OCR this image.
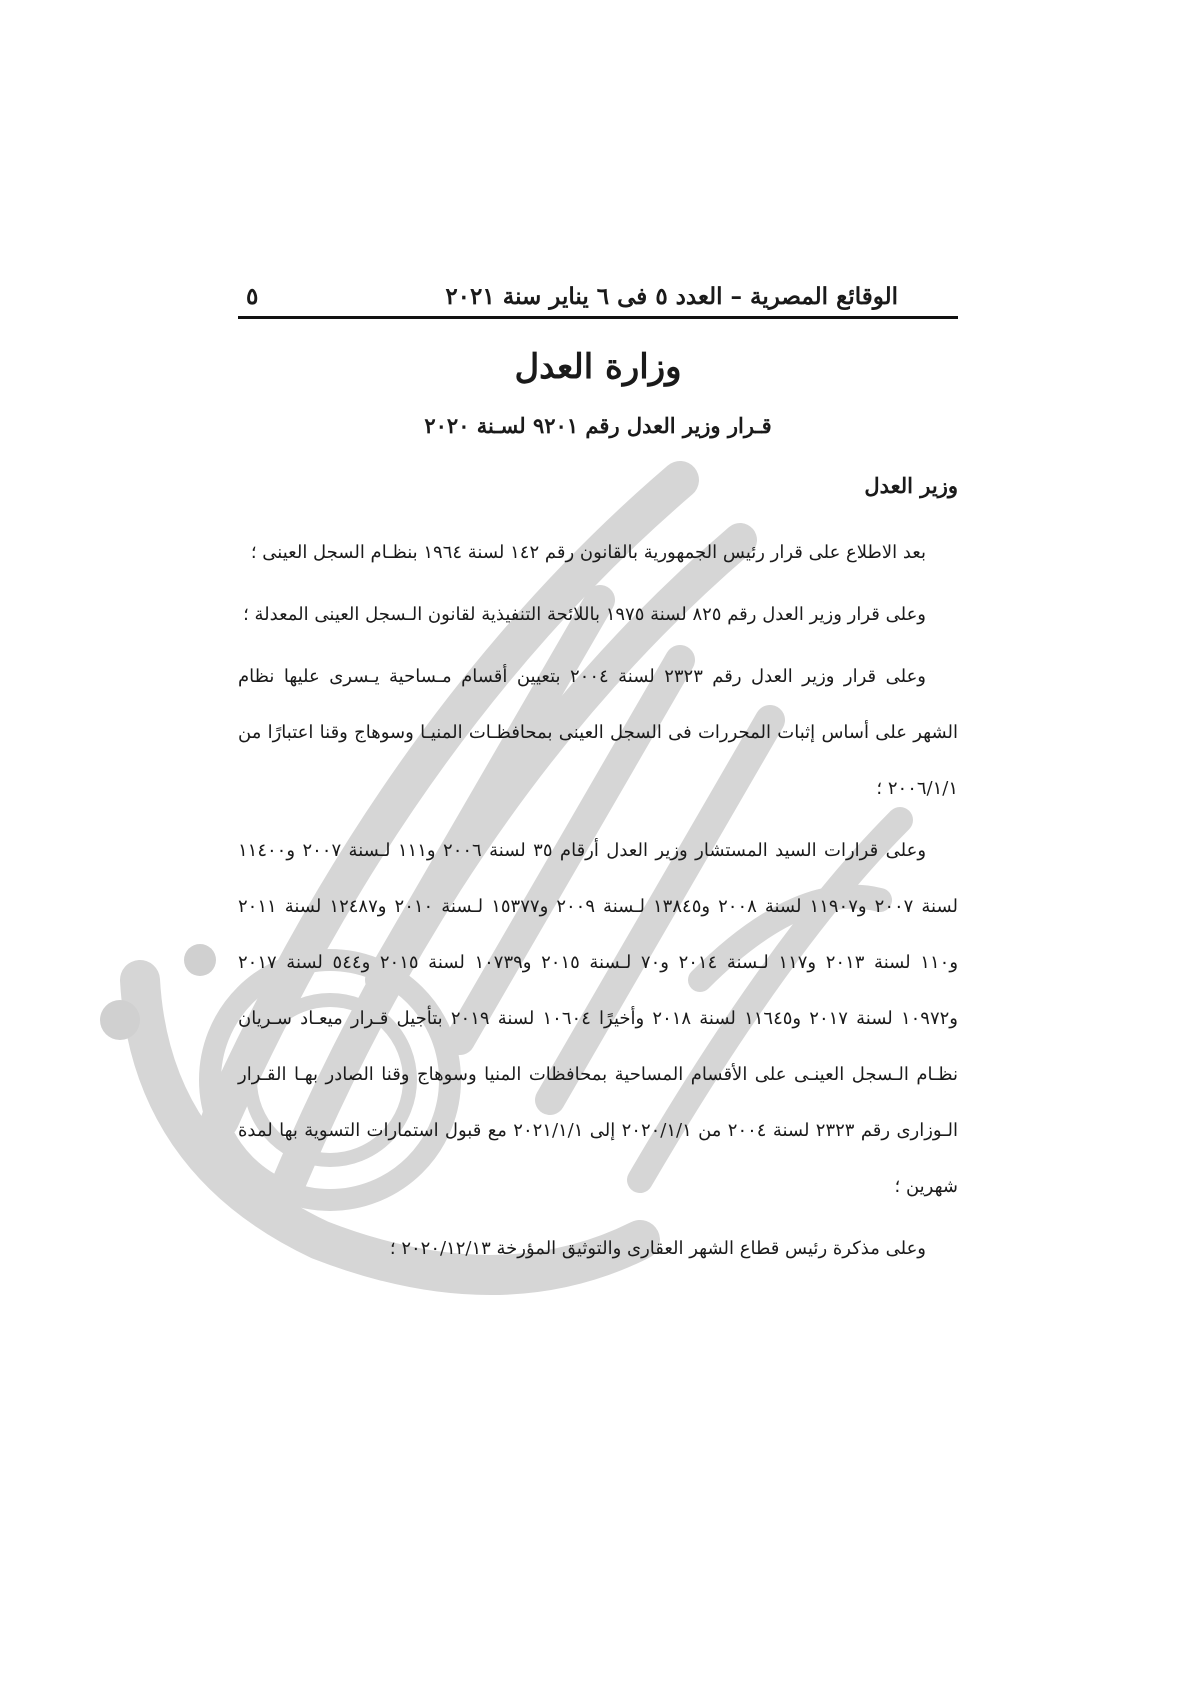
الوقائع المصرية – العدد ٥ فى ٦ يناير سنة ٢٠٢١
٥
وزارة العدل
قـرار وزير العدل رقم ٩٢٠١ لسـنة ٢٠٢٠
وزير العدل

بعد الاطلاع على قرار رئيس الجمهورية بالقانون رقم ١٤٢ لسنة ١٩٦٤ بنظـام السجل العينى ؛

وعلى قرار وزير العدل رقم ٨٢٥ لسنة ١٩٧٥ باللائحة التنفيذية لقانون الـسجل العينى المعدلة ؛

وعلى قرار وزير العدل رقم ٢٣٢٣ لسنة ٢٠٠٤ بتعيين أقسام مـساحية يـسرى عليها نظام الشهر على أساس إثبات المحررات فى السجل العينى بمحافظـات المنيـا وسوهاج وقنا اعتبارًا من ٢٠٠٦/١/١ ؛

وعلى قرارات السيد المستشار وزير العدل أرقام ٣٥ لسنة ٢٠٠٦ و١١١ لـسنة ٢٠٠٧ و١١٤٠٠ لسنة ٢٠٠٧ و١١٩٠٧ لسنة ٢٠٠٨ و١٣٨٤٥ لـسنة ٢٠٠٩ و١٥٣٧٧ لـسنة ٢٠١٠ و١٢٤٨٧ لسنة ٢٠١١ و١١٠ لسنة ٢٠١٣ و١١٧ لـسنة ٢٠١٤ و٧٠ لـسنة ٢٠١٥ و١٠٧٣٩ لسنة ٢٠١٥ و٥٤٤ لسنة ٢٠١٧ و١٠٩٧٢ لسنة ٢٠١٧ و١١٦٤٥ لسنة ٢٠١٨ وأخيرًا ١٠٦٠٤ لسنة ٢٠١٩ بتأجيل قـرار ميعـاد سـريان نظـام الـسجل العينـى على الأقسام المساحية بمحافظات المنيا وسوهاج وقنا الصادر بهـا القـرار الـوزارى رقم ٢٣٢٣ لسنة ٢٠٠٤ من ٢٠٢٠/١/١ إلى ٢٠٢١/١/١ مع قبول استمارات التسوية بها لمدة شهرين ؛

وعلى مذكرة رئيس قطاع الشهر العقارى والتوثيق المؤرخة ٢٠٢٠/١٢/١٣ ؛
